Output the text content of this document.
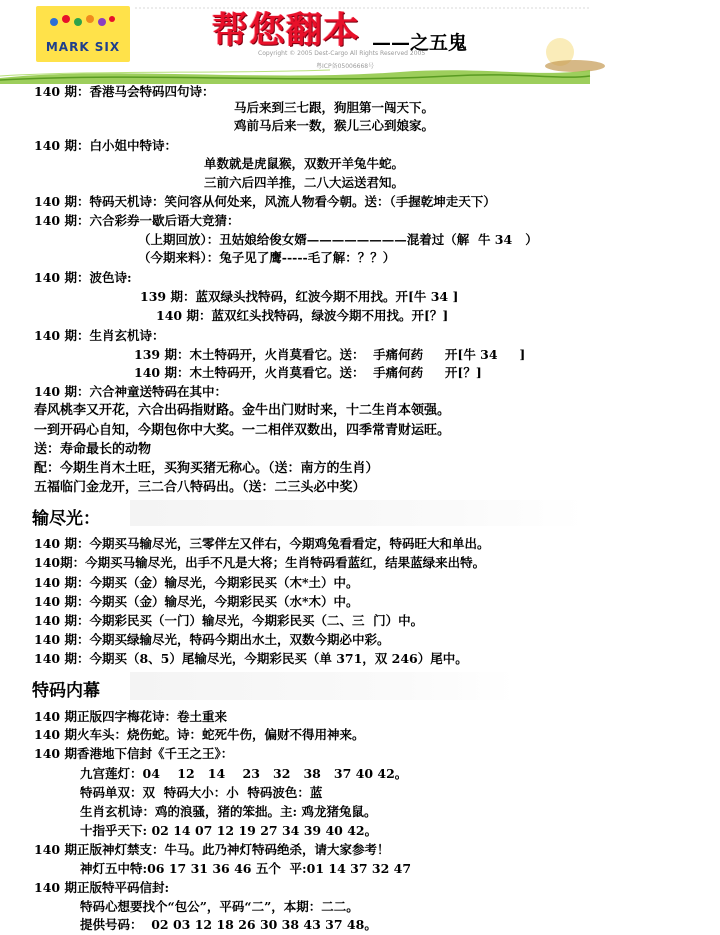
MARK SIX	帮您翻本 ——之五鬼
Copyright © 2005 Dest-Cargo All Rights Reserved 2005
粤ICP备05006668号
140 期：香港马会特码四句诗：
马后来到三七跟，狗胆第一闯天下。
鸡前马后来一数，猴儿三心到娘家。
140 期：白小姐中特诗：
单数就是虎鼠猴，双数开羊兔牛蛇。
三前六后四羊推，二八大运送君知。
140 期：特码天机诗：笑问容从何处来，风流人物看今朝。送：（手握乾坤走天下）
140 期：六合彩券一歇后语大竞猜：
（上期回放）：丑姑娘给俊女婿————————混着过（解  牛 34   ）
（今期来料）：兔子见了鹰-----毛了解：？？）
140 期：波色诗:
139 期：蓝双绿头找特码，红波今期不用找。开[牛 34 ]
140 期：蓝双红头找特码，绿波今期不用找。开[？]
140 期：生肖玄机诗：
139 期：木土特码开，火肖莫看它。送：  手痛何药     开[牛 34     ]
140 期：木土特码开，火肖莫看它。送：  手痛何药     开[？]
140 期：六合神童送特码在其中：
春风桃李又开花，六合出码指财路。金牛出门财时来，十二生肖本领强。
一到开码心自知，今期包你中大奖。一二相伴双数出，四季常青财运旺。
送：寿命最长的动物
配：今期生肖木土旺，买狗买猪无称心。（送：南方的生肖）
五福临门金龙开，三二合八特码出。（送：二三头必中奖）
输尽光：
140 期：今期买马输尽光，三零伴左又伴右，今期鸡兔看看定，特码旺大和单出。
140期：今期买马输尽光，出手不凡是大将；生肖特码看蓝红，结果蓝绿来出特。
140 期：今期买（金）输尽光，今期彩民买（木*土）中。
140 期：今期买（金）输尽光，今期彩民买（水*木）中。
140 期：今期彩民买（一门）输尽光，今期彩民买（二、三  门）中。
140 期：今期买绿输尽光，特码今期出水土，双数今期必中彩。
140 期：今期买（8、5）尾输尽光，今期彩民买（单 371，双 246）尾中。
特码内幕
140 期正版四字梅花诗：卷土重来
140 期火车头：烧伤蛇。诗：蛇死牛伤，偏财不得用神来。
140 期香港地下信封《千王之王》：
九宫莲灯：04    12   14    23   32   38   37 40 42。
特码单双：双  特码大小：小  特码波色：蓝
生肖玄机诗：鸡的浪骚，猪的笨拙。主: 鸡龙猪兔鼠。
十指乎天下: 02 14 07 12 19 27 34 39 40 42。
140 期正版神灯禁支：牛马。此乃神灯特码绝杀，请大家参考！
神灯五中特:06 17 31 36 46 五个  平:01 14 37 32 47
140 期正版特平码信封:
特码心想要找个“包公”，平码“二”，本期：二二。
提供号码：  02 03 12 18 26 30 38 43 37 48。
